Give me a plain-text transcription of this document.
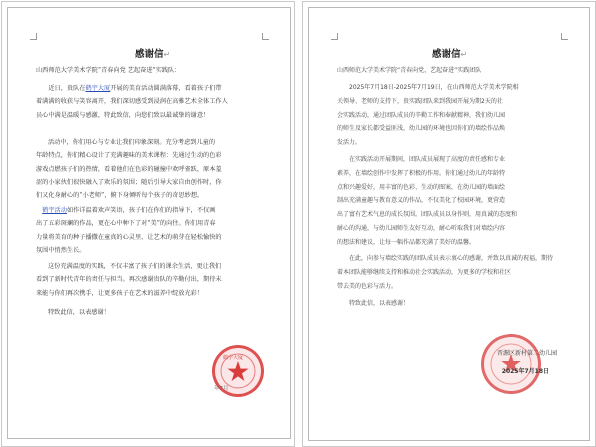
感谢信↵
山西师范大学美术学院“青春向党 艺起奋进”实践队：
  近日，贵队在鹤宇大厦开展的美育活动圆满落幕，看着孩子们带
着满满的收获与笑容离开，我们深切感受到浸润在高雅艺术全体工作人
员心中满是温暖与感激，特此致信，向您们致以最诚挚的谢意！
活动中，你们用心与专业让我们印象深刻。充分考虑到儿童的
年龄特点，你们精心设计了充满趣味的美术课程：先通过生动的色彩
游戏点燃孩子们的热情，看着他们在色彩的碰撞中欢呼雀跃，原本羞
涩的小家伙们很快融入了欢乐的氛围；随后引导大家自由创作时，你
们又化身耐心的“小老师”，俯下身倾听每个孩子的奇思妙想。
 鹤宇活动如作详温着欢声笑语，孩子们在你们的指导下，不仅画
出了五彩斑斓的作品，更在心中种下了对“美”的向往。你们用青春
力量将美育的种子播撒在童真的心灵里，让艺术的萌芽在轻松愉快的
氛围中悄然生长。
这份充满温度的实践，不仅丰富了孩子们的课余生活，更让我们
看到了新时代青年的责任与担当。再次感谢贵队的辛勤付出，期待未
来能与你们再次携手，让更多孩子在艺术的滋养中绽放光彩！
特致此信，以表感谢！
鹤宇大厦
年7月
感谢信↵
山西师范大学美术学院“青春向党，艺起奋进”实践团队
2025年7月18日-2025年7月19日，在山西师范大学美术学院相
关领导、老师的支持下，贵实践团队来到我园开展为期2天的社
会实践活动，通过团队成员的辛勤工作和奉献精神，我们幼儿园
的师生及家长都受益匪浅，幼儿园的环境也因你们的墙绘作品焕
发活力。
在实践活动开展期间，团队成员展现了高度的责任感和专业
素养，在墙绘创作中发挥了积极的作用。你们通过幼儿的年龄特
点和兴趣爱好，用丰富的色彩、生动的图案，在幼儿园的墙面绘
制出充满童趣与教育意义的作品，不仅美化了校园环境，更营造
出了富有艺术气息的成长氛围。团队成员以身作则，用真诚的态度和
耐心的沟通，与幼儿园师生友好互动，耐心听取我们对墙绘内容
的想法和建议，让每一幅作品都充满了美好的温馨。
在此，向参与墙绘实践的团队成员表示衷心的感谢，并致以真诚的祝福，期待
着本团队能够继续支持和推动社会实践活动，为更多的学校和社区
带去美的色彩与活力。
特致此信，以表感谢！
晋源区新村第二幼儿园
2025年7月18日
